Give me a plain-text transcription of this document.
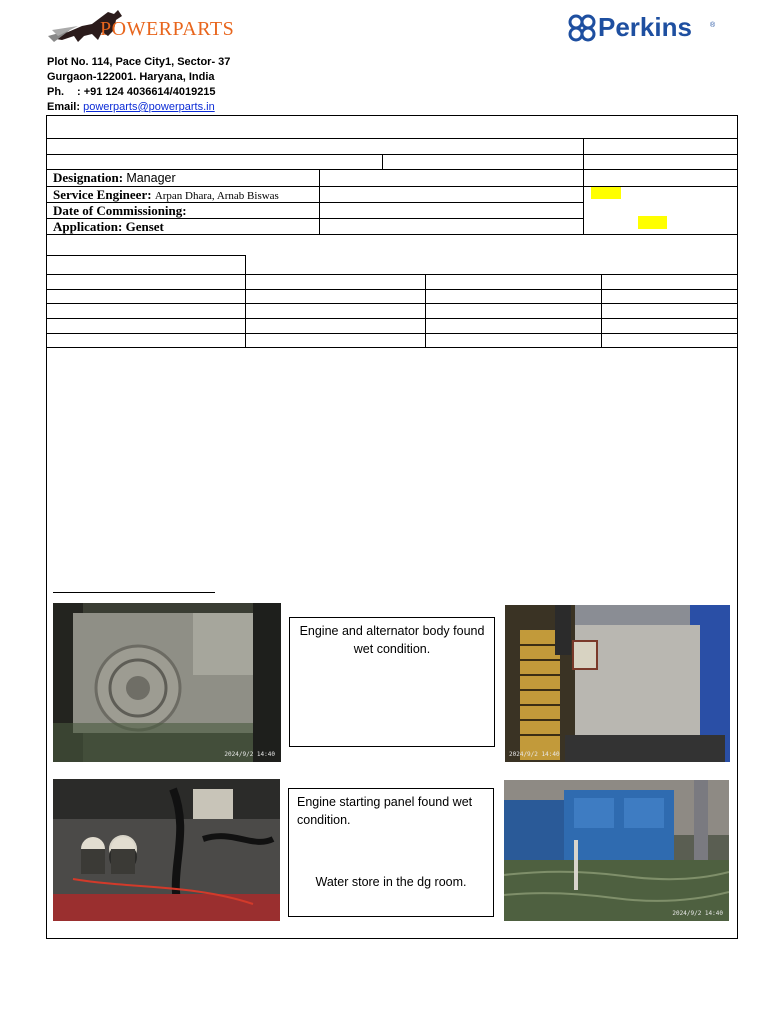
POWERPARTS	Perkins	®
Plot No. 114, Pace City1, Sector- 37
Gurgaon-122001. Haryana, India
Ph. : +91 124 4036614/4019215
Email: powerparts@powerparts.in
Designation: Manager
Service Engineer: Arpan Dhara, Arnab Biswas
Date of Commissioning:
Application: Genset
2024/9/2 14:40
Engine and alternator body found wet condition.
2024/9/2 14:40
Engine starting panel found wet condition.
Water store in the dg room.
2024/9/2 14:40
